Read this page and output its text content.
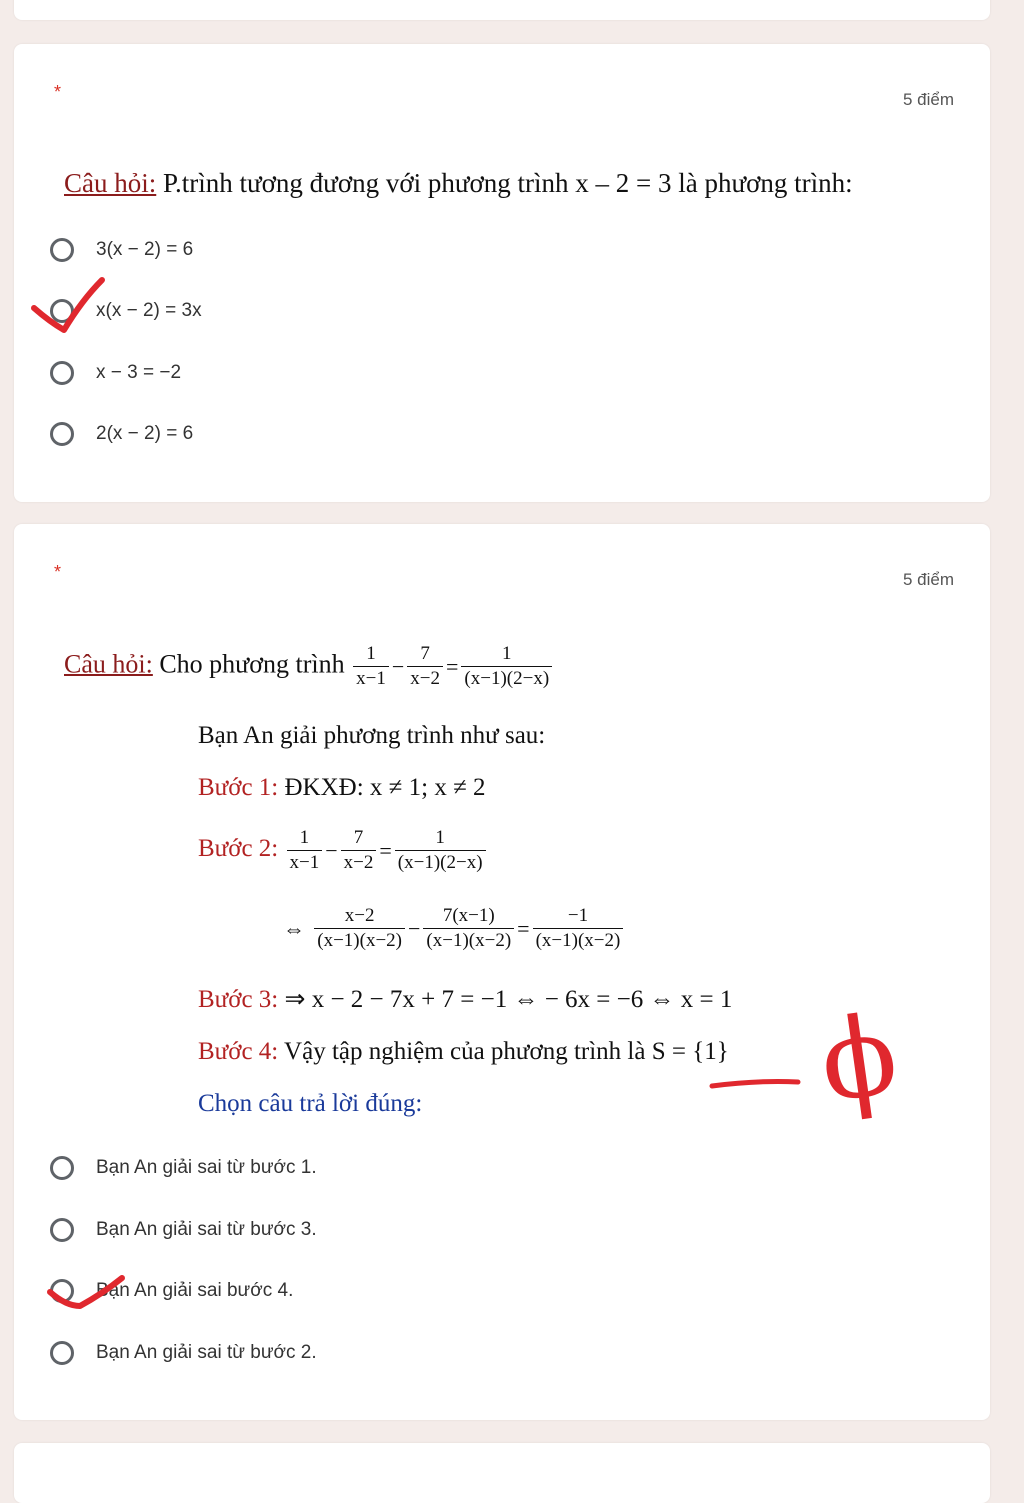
*	5 điểm
Câu hỏi: P.trình tương đương với phương trình x – 2 = 3 là phương trình:
3(x − 2) = 6
x(x − 2) = 3x
x − 3 = −2
2(x − 2) = 6
*	5 điểm
Câu hỏi: Cho phương trình $\frac{1}{x-1} - \frac{7}{x-2} = \frac{1}{(x-1)(2-x)}$
Bạn An giải phương trình như sau:
Bước 1: ĐKXĐ: x ≠ 1; x ≠ 2
Bước 2: $\frac{1}{x-1} - \frac{7}{x-2} = \frac{1}{(x-1)(2-x)}$
⇔ $\frac{x-2}{(x-1)(x-2)} - \frac{7(x-1)}{(x-1)(x-2)} = \frac{-1}{(x-1)(x-2)}$
Bước 3: ⇒ x − 2 − 7x + 7 = −1 ⇔ − 6x = −6 ⇔ x = 1
Bước 4: Vậy tập nghiệm của phương trình là S = {1}
Chọn câu trả lời đúng:
Bạn An giải sai từ bước 1.
Bạn An giải sai từ bước 3.
Bạn An giải sai bước 4.
Bạn An giải sai từ bước 2.
ϕ
